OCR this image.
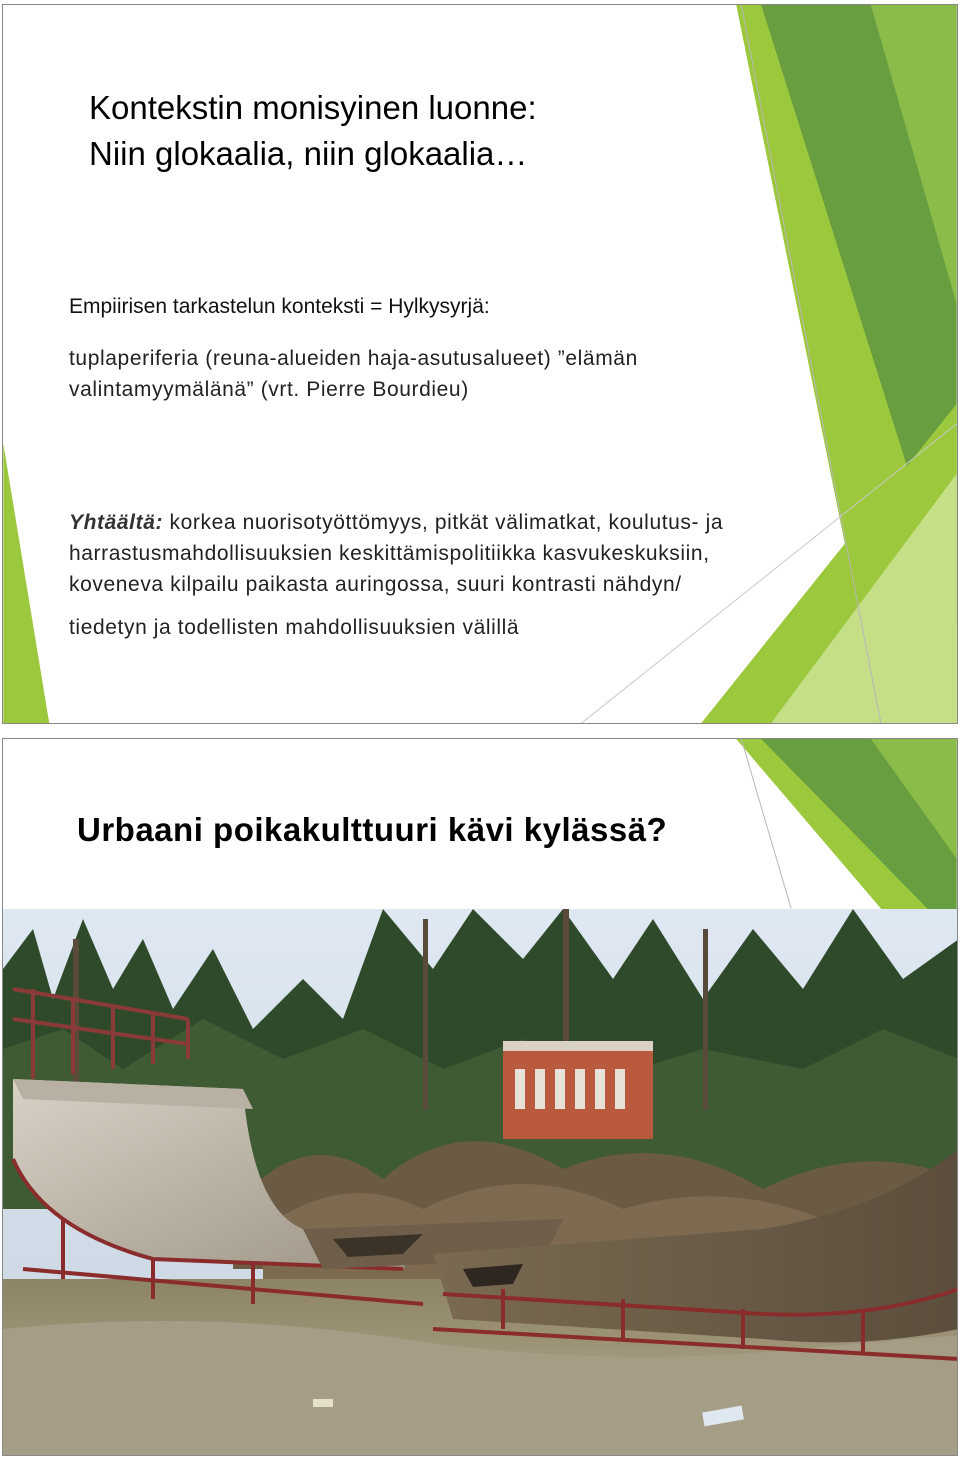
Kontekstin monisyinen luonne:
Niin glokaalia, niin glokaalia…

Empiirisen tarkastelun konteksti = Hylkysyrjä:

tuplaperiferia (reuna-alueiden haja-asutusalueet) ”elämän
valintamyymälänä” (vrt. Pierre Bourdieu)

Yhtäältä: korkea nuorisotyöttömyys, pitkät välimatkat, koulutus- ja
harrastusmahdollisuuksien keskittämispolitiikka kasvukeskuksiin,
koveneva kilpailu paikasta auringossa, suuri kontrasti nähdyn/
tiedetyn ja todellisten mahdollisuuksien välillä

Urbaani poikakulttuuri kävi kylässä?
